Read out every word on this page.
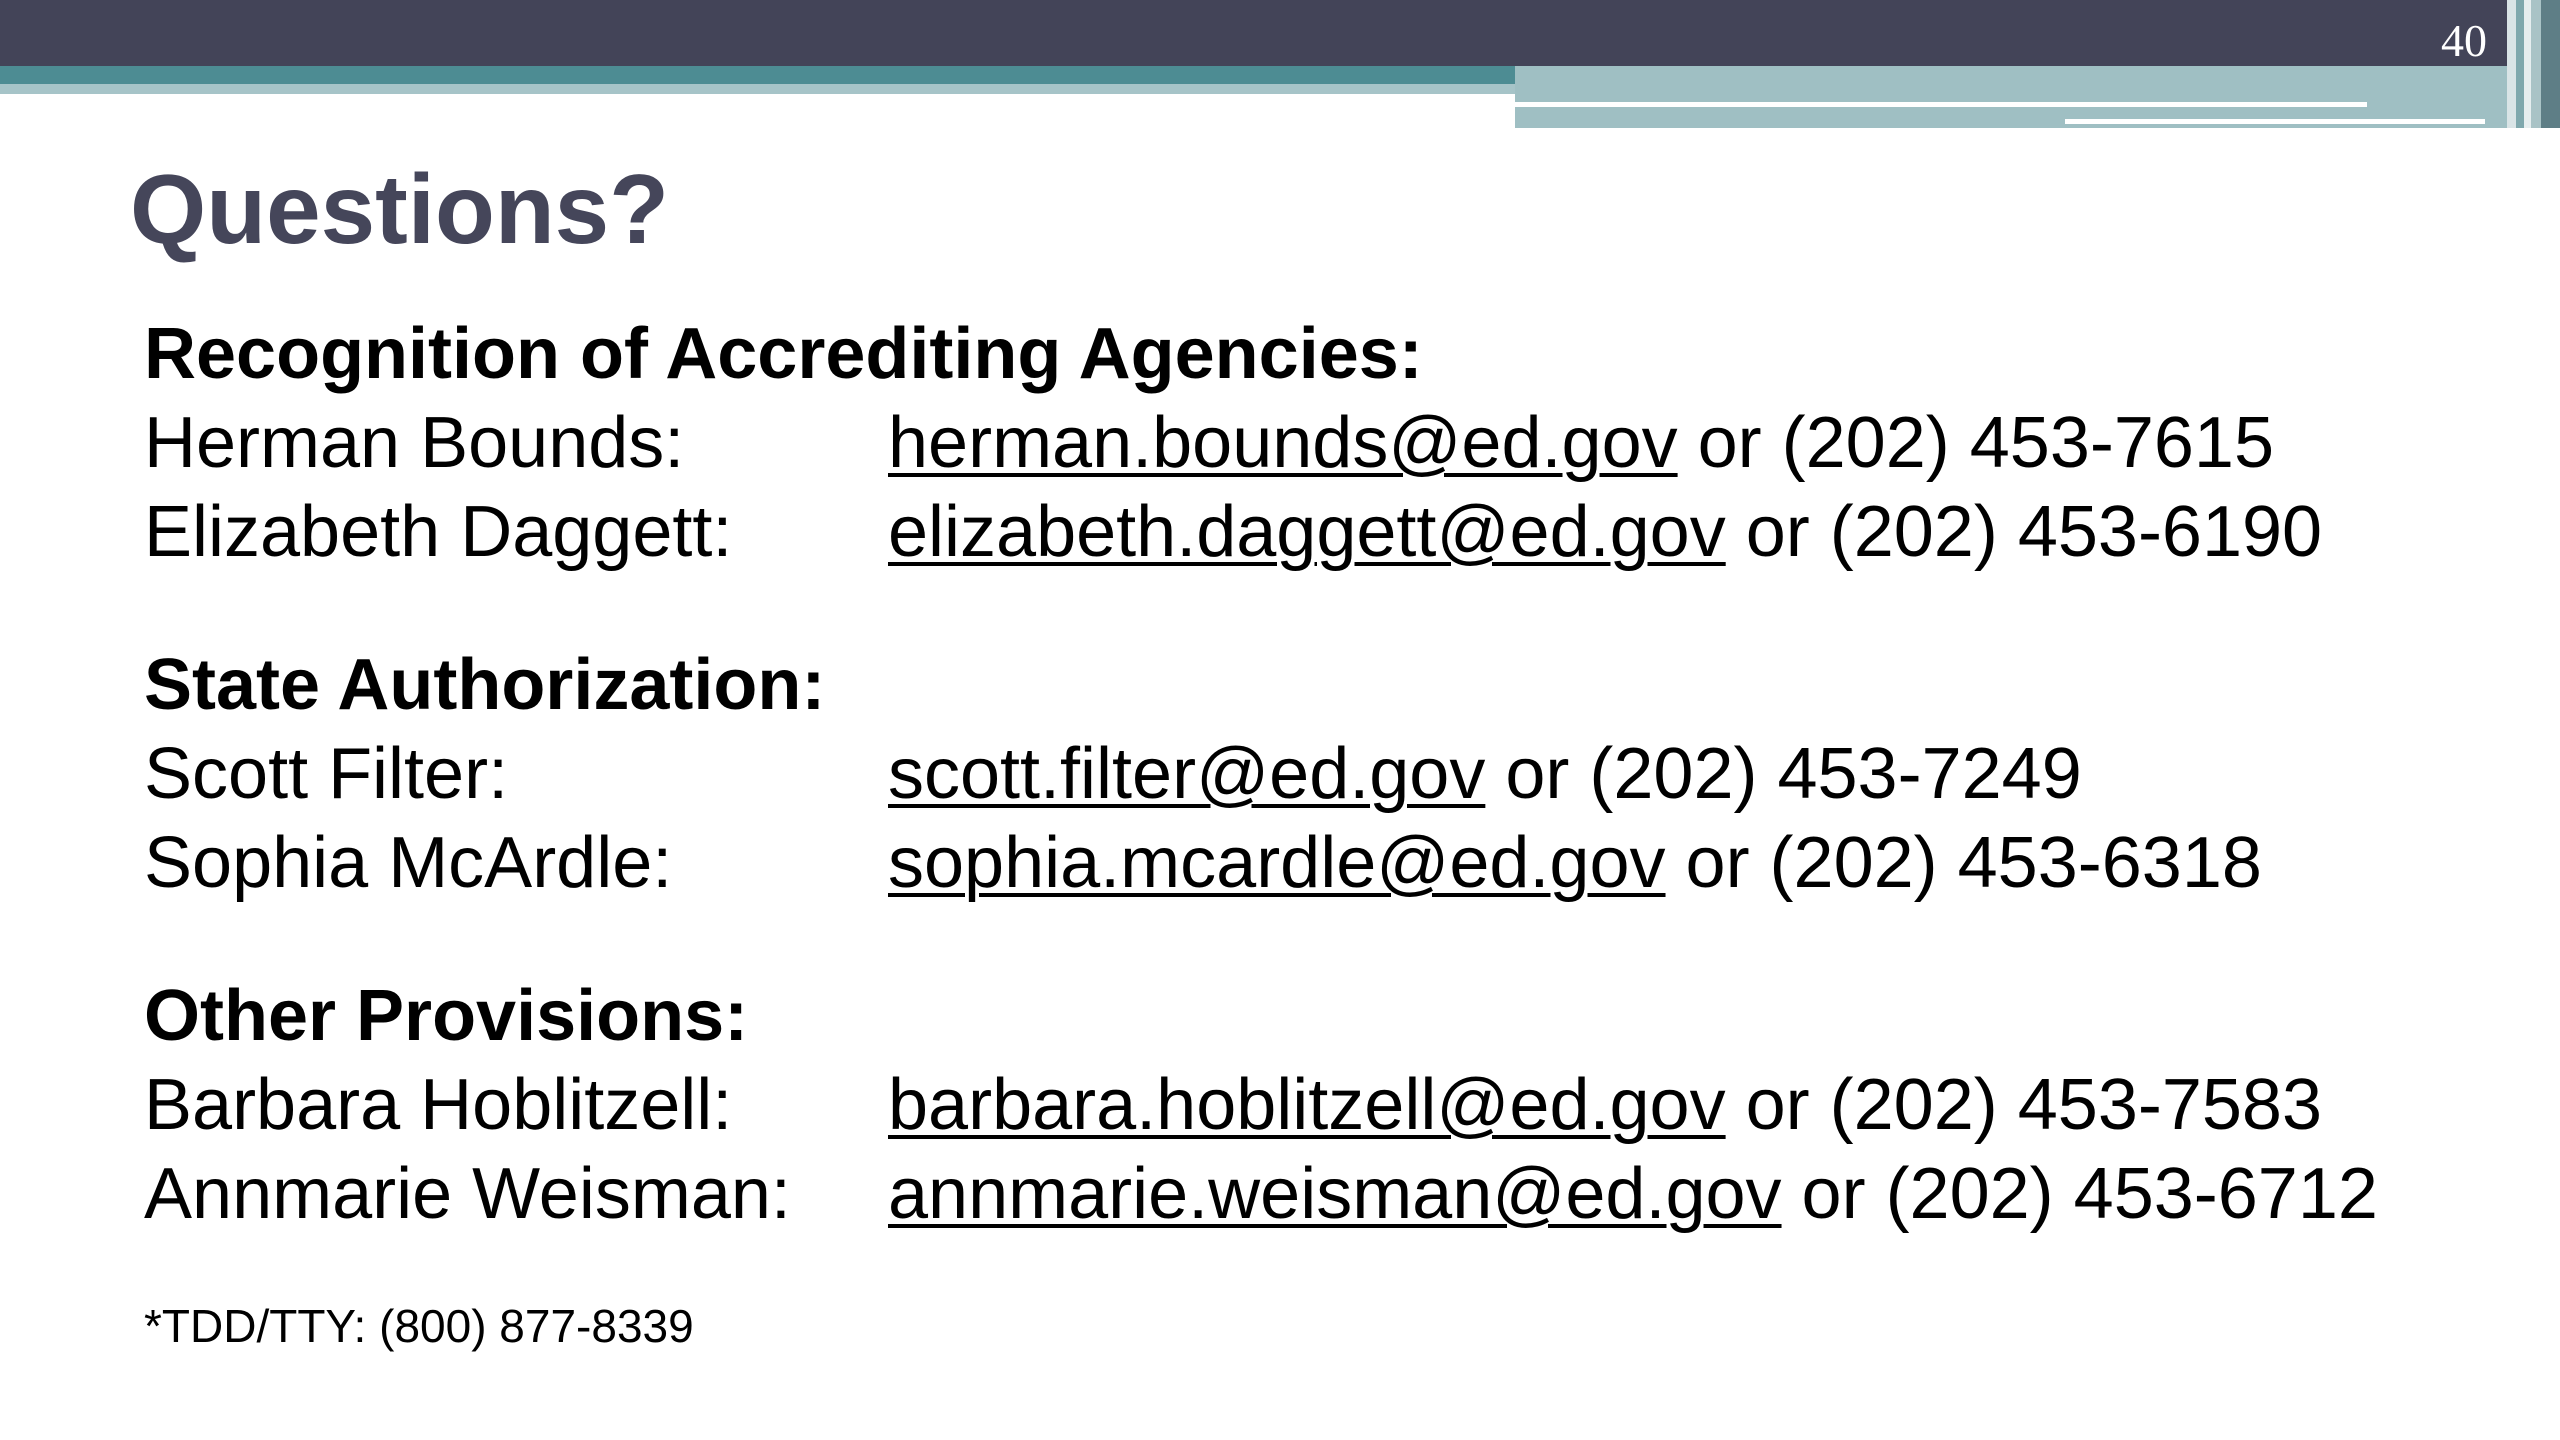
40
Questions?
Recognition of Accrediting Agencies:
Herman Bounds:	herman.bounds@ed.gov or (202) 453-7615
Elizabeth Daggett:	elizabeth.daggett@ed.gov or (202) 453-6190
State Authorization:
Scott Filter:	scott.filter@ed.gov or (202) 453-7249
Sophia McArdle:	sophia.mcardle@ed.gov or (202) 453-6318
Other Provisions:
Barbara Hoblitzell:	barbara.hoblitzell@ed.gov or (202) 453-7583
Annmarie Weisman:	annmarie.weisman@ed.gov or (202) 453-6712
*TDD/TTY: (800) 877-8339
